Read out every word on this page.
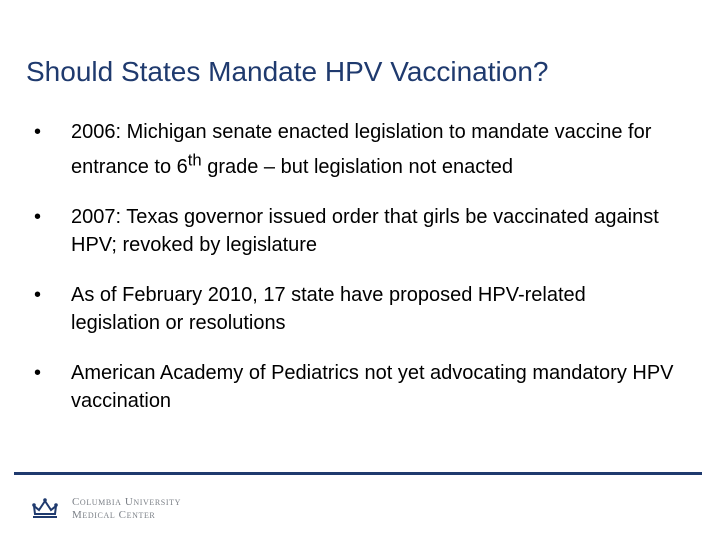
Should States Mandate HPV Vaccination?
•	2006: Michigan senate enacted legislation to mandate vaccine for entrance to 6th grade – but legislation not enacted
•	2007: Texas governor issued order that girls be vaccinated against HPV; revoked by legislature
•	As of February 2010, 17 state have proposed HPV-related legislation or resolutions
•	American Academy of Pediatrics not yet advocating mandatory HPV vaccination
Columbia University
Medical Center
